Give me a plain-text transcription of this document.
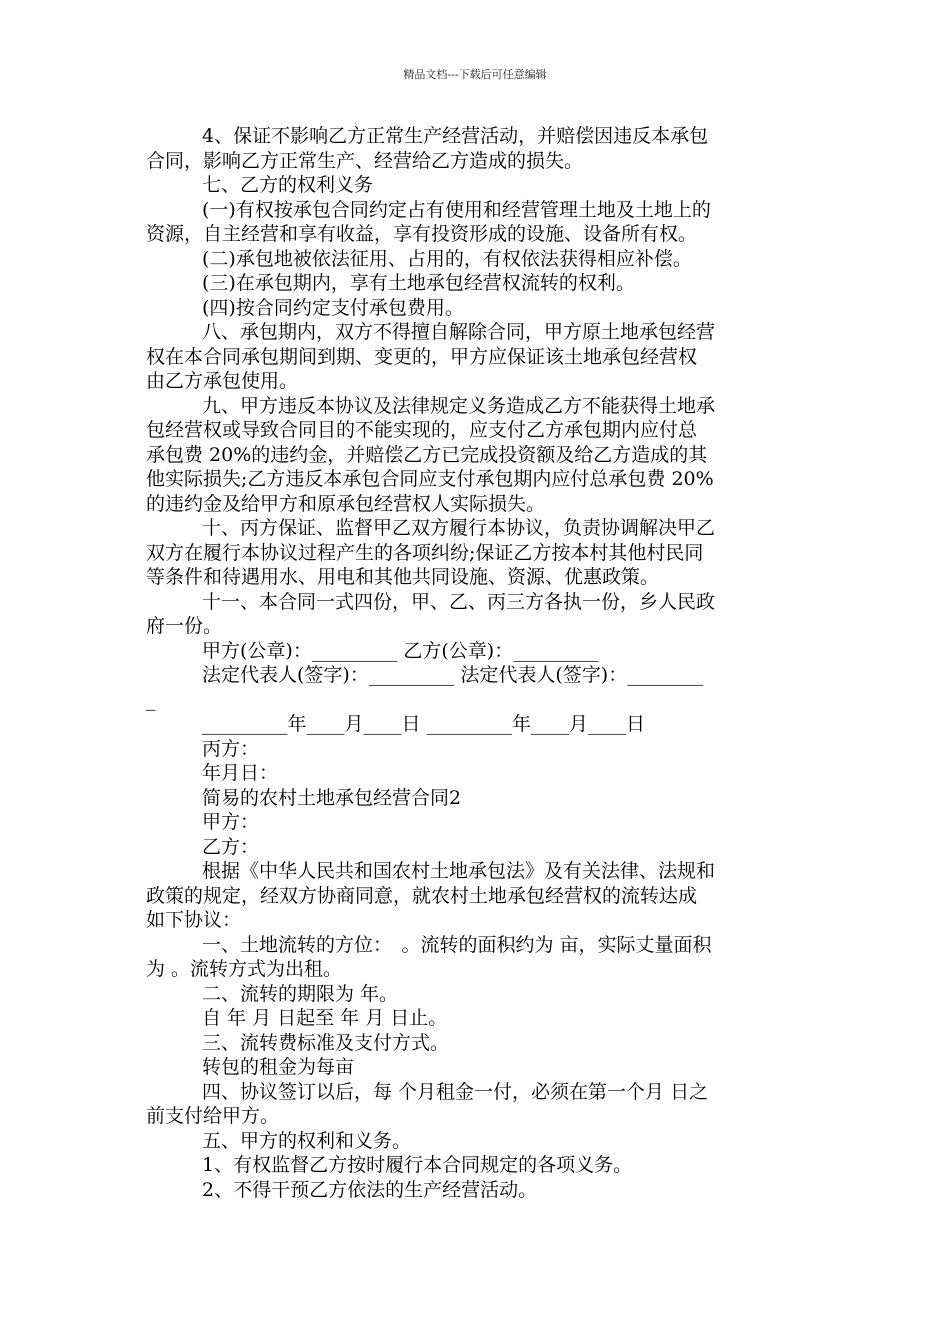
精品文档---下载后可任意编辑
4、保证不影响乙方正常生产经营活动，并赔偿因违反本承包
合同，影响乙方正常生产、经营给乙方造成的损失。
七、乙方的权利义务
(一)有权按承包合同约定占有使用和经营管理土地及土地上的
资源，自主经营和享有收益，享有投资形成的设施、设备所有权。
(二)承包地被依法征用、占用的，有权依法获得相应补偿。
(三)在承包期内，享有土地承包经营权流转的权利。
(四)按合同约定支付承包费用。
八、承包期内，双方不得擅自解除合同，甲方原土地承包经营
权在本合同承包期间到期、变更的，甲方应保证该土地承包经营权
由乙方承包使用。
九、甲方违反本协议及法律规定义务造成乙方不能获得土地承
包经营权或导致合同目的不能实现的，应支付乙方承包期内应付总
承包费 20%的违约金，并赔偿乙方已完成投资额及给乙方造成的其
他实际损失;乙方违反本承包合同应支付承包期内应付总承包费 20%
的违约金及给甲方和原承包经营权人实际损失。
十、丙方保证、监督甲乙双方履行本协议，负责协调解决甲乙
双方在履行本协议过程产生的各项纠纷;保证乙方按本村其他村民同
等条件和待遇用水、用电和其他共同设施、资源、优惠政策。
十一、本合同一式四份，甲、乙、丙三方各执一份，乡人民政
府一份。
甲方(公章)：_________ 乙方(公章)：_________
法定代表人(签字)：_________ 法定代表人(签字)：________
_
_________年____月____日 _________年____月____日
丙方：
年月日：
简易的农村土地承包经营合同2
甲方：
乙方：
根据《中华人民共和国农村土地承包法》及有关法律、法规和
政策的规定，经双方协商同意，就农村土地承包经营权的流转达成
如下协议：
一、土地流转的方位：　。流转的面积约为 亩，实际丈量面积
为 。流转方式为出租。
二、流转的期限为 年。
自 年 月 日起至 年 月 日止。
三、流转费标准及支付方式。
转包的租金为每亩
四、协议签订以后，每 个月租金一付，必须在第一个月 日之
前支付给甲方。
五、甲方的权利和义务。
1、有权监督乙方按时履行本合同规定的各项义务。
2、不得干预乙方依法的生产经营活动。
